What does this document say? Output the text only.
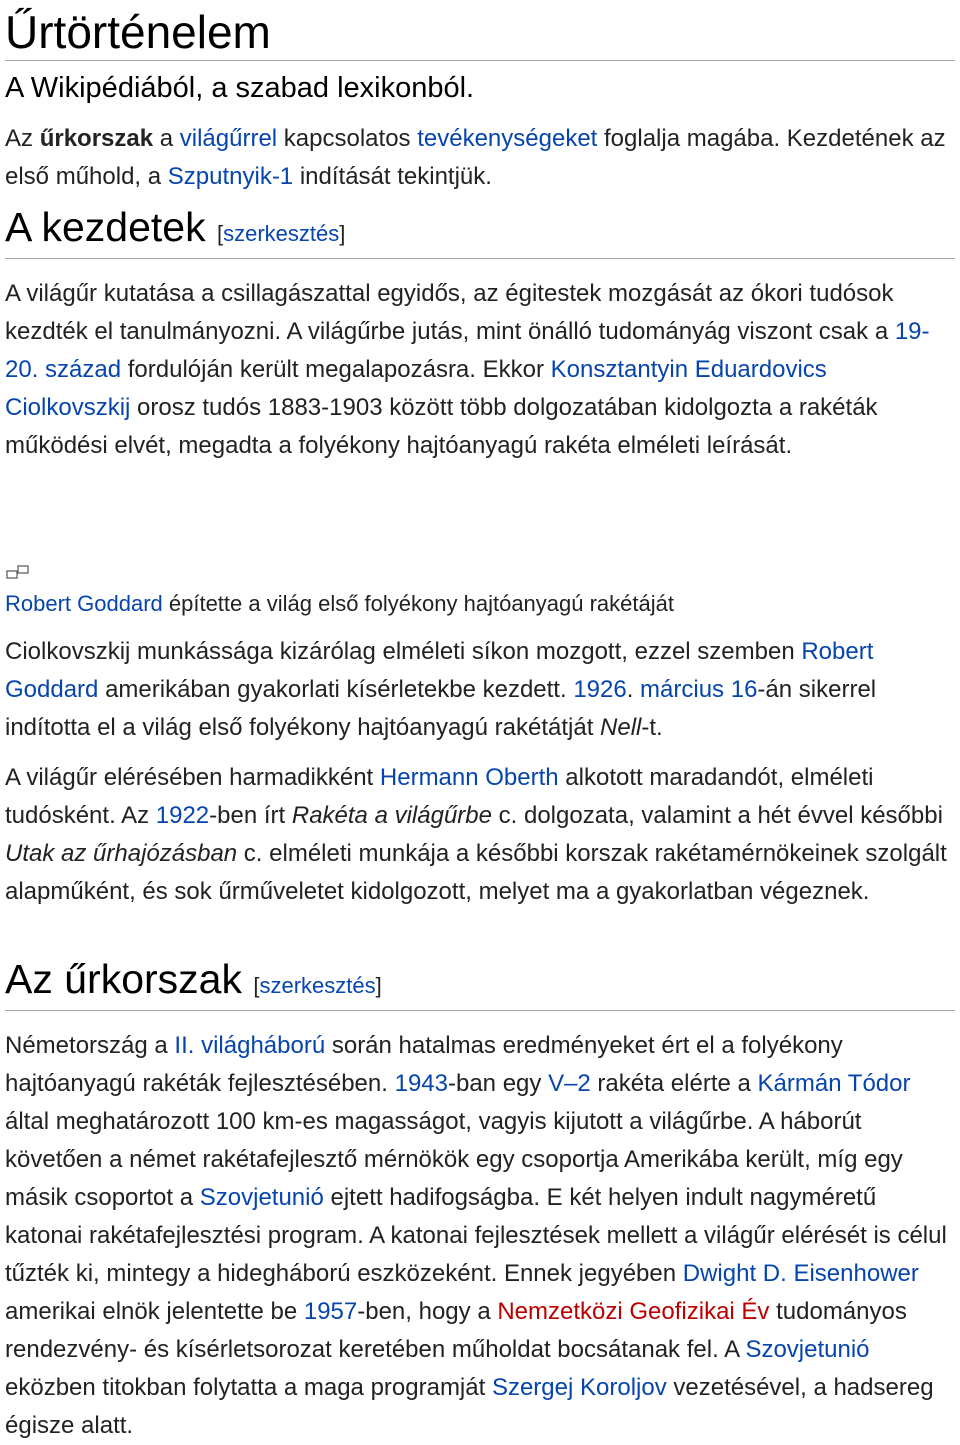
Űrtörténelem

A Wikipédiából, a szabad lexikonból.

Az űrkorszak a világűrrel kapcsolatos tevékenységeket foglalja magába. Kezdetének az első műhold, a Szputnyik-1 indítását tekintjük.

A kezdetek [szerkesztés]

A világűr kutatása a csillagászattal egyidős, az égitestek mozgását az ókori tudósok kezdték el tanulmányozni. A világűrbe jutás, mint önálló tudományág viszont csak a 19-20. század fordulóján került megalapozásra. Ekkor Konsztantyin Eduardovics Ciolkovszkij orosz tudós 1883-1903 között több dolgozatában kidolgozta a rakéták működési elvét, megadta a folyékony hajtóanyagú rakéta elméleti leírását.

Robert Goddard építette a világ első folyékony hajtóanyagú rakétáját

Ciolkovszkij munkássága kizárólag elméleti síkon mozgott, ezzel szemben Robert Goddard amerikában gyakorlati kísérletekbe kezdett. 1926. március 16-án sikerrel indította el a világ első folyékony hajtóanyagú rakétátját Nell-t.

A világűr elérésében harmadikként Hermann Oberth alkotott maradandót, elméleti tudósként. Az 1922-ben írt Rakéta a világűrbe c. dolgozata, valamint a hét évvel későbbi Utak az űrhajózásban c. elméleti munkája a későbbi korszak rakétamérnökeinek szolgált alapműként, és sok űrműveletet kidolgozott, melyet ma a gyakorlatban végeznek.

Az űrkorszak [szerkesztés]

Németország a II. világháború során hatalmas eredményeket ért el a folyékony hajtóanyagú rakéták fejlesztésében. 1943-ban egy V–2 rakéta elérte a Kármán Tódor által meghatározott 100 km-es magasságot, vagyis kijutott a világűrbe. A háborút követően a német rakétafejlesztő mérnökök egy csoportja Amerikába került, míg egy másik csoportot a Szovjetunió ejtett hadifogságba. E két helyen indult nagyméretű katonai rakétafejlesztési program. A katonai fejlesztések mellett a világűr elérését is célul tűzték ki, mintegy a hidegháború eszközeként. Ennek jegyében Dwight D. Eisenhower amerikai elnök jelentette be 1957-ben, hogy a Nemzetközi Geofizikai Év tudományos rendezvény- és kísérletsorozat keretében műholdat bocsátanak fel. A Szovjetunió eközben titokban folytatta a maga programját Szergej Koroljov vezetésével, a hadsereg égisze alatt.
